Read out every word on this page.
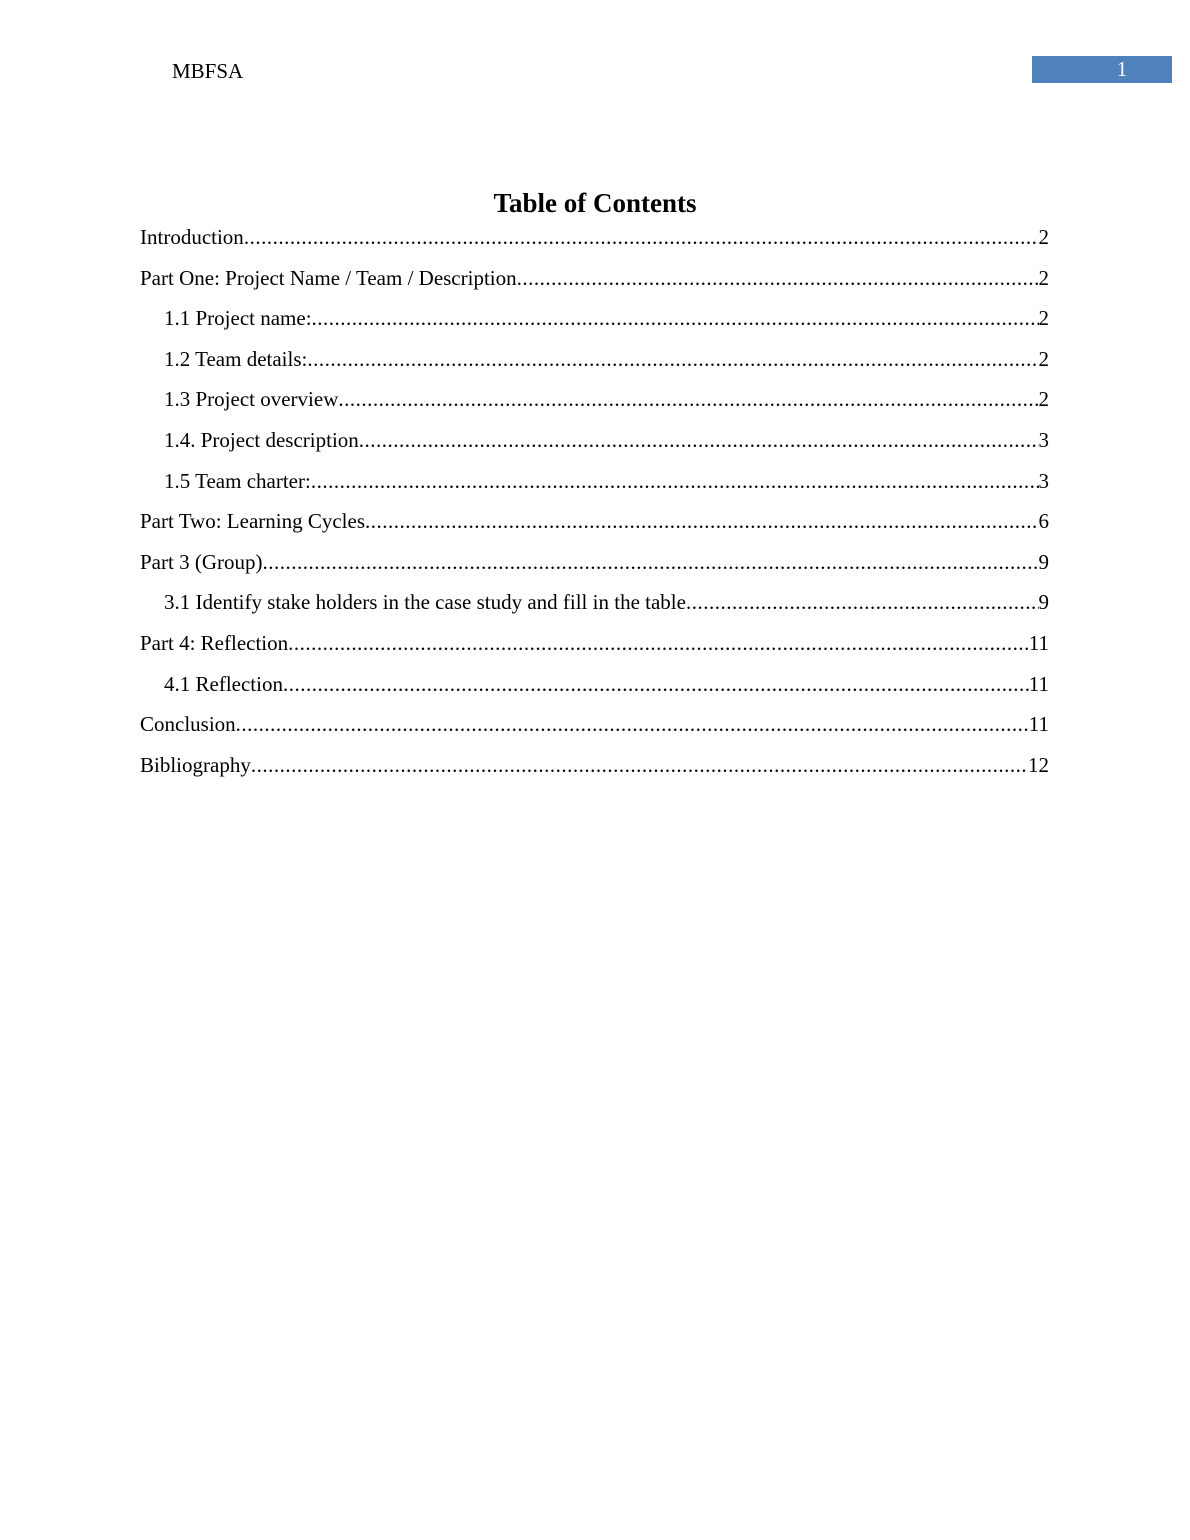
MBFSA	1
Table of Contents
Introduction .....	2
Part One: Project Name / Team / Description .....	2
1.1 Project name: .....	2
1.2 Team details: .....	2
1.3 Project overview .....	2
1.4. Project description .....	3
1.5 Team charter: .....	3
Part Two: Learning Cycles .....	6
Part 3 (Group) .....	9
3.1 Identify stake holders in the case study and fill in the table .....	9
Part 4: Reflection .....	11
4.1 Reflection .....	11
Conclusion .....	11
Bibliography .....	12
